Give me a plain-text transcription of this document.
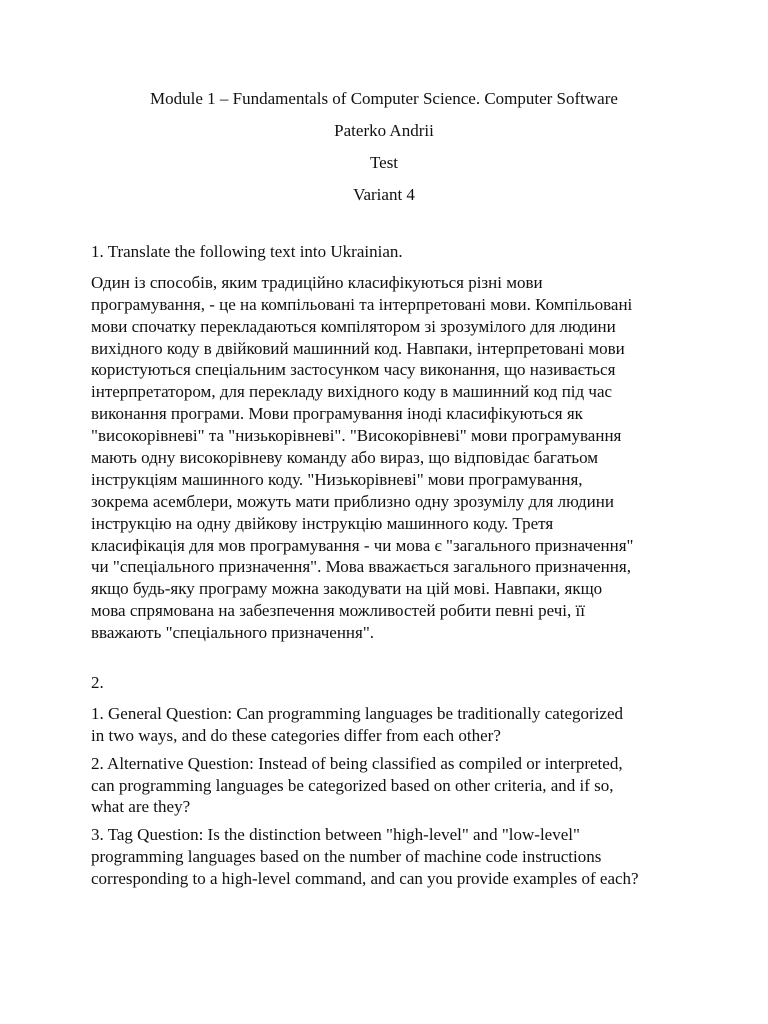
Module 1 – Fundamentals of Computer Science. Computer Software
Paterko Andrii
Test
Variant 4
1. Translate the following text into Ukrainian.
Один із способів, яким традиційно класифікуються різні мови
програмування, - це на компільовані та інтерпретовані мови. Компільовані
мови спочатку перекладаються компілятором зі зрозумілого для людини
вихідного коду в двійковий машинний код. Навпаки, інтерпретовані мови
користуються спеціальним застосунком часу виконання, що називається
інтерпретатором, для перекладу вихідного коду в машинний код під час
виконання програми. Мови програмування іноді класифікуються як
"високорівневі" та "низькорівневі". "Високорівневі" мови програмування
мають одну високорівневу команду або вираз, що відповідає багатьом
інструкціям машинного коду. "Низькорівневі" мови програмування,
зокрема асемблери, можуть мати приблизно одну зрозумілу для людини
інструкцію на одну двійкову інструкцію машинного коду. Третя
класифікація для мов програмування - чи мова є "загального призначення"
чи "спеціального призначення". Мова вважається загального призначення,
якщо будь-яку програму можна закодувати на цій мові. Навпаки, якщо
мова спрямована на забезпечення можливостей робити певні речі, її
вважають "спеціального призначення".
2.
1. General Question: Can programming languages be traditionally categorized
in two ways, and do these categories differ from each other?
2. Alternative Question: Instead of being classified as compiled or interpreted,
can programming languages be categorized based on other criteria, and if so,
what are they?
3. Tag Question: Is the distinction between "high-level" and "low-level"
programming languages based on the number of machine code instructions
corresponding to a high-level command, and can you provide examples of each?
